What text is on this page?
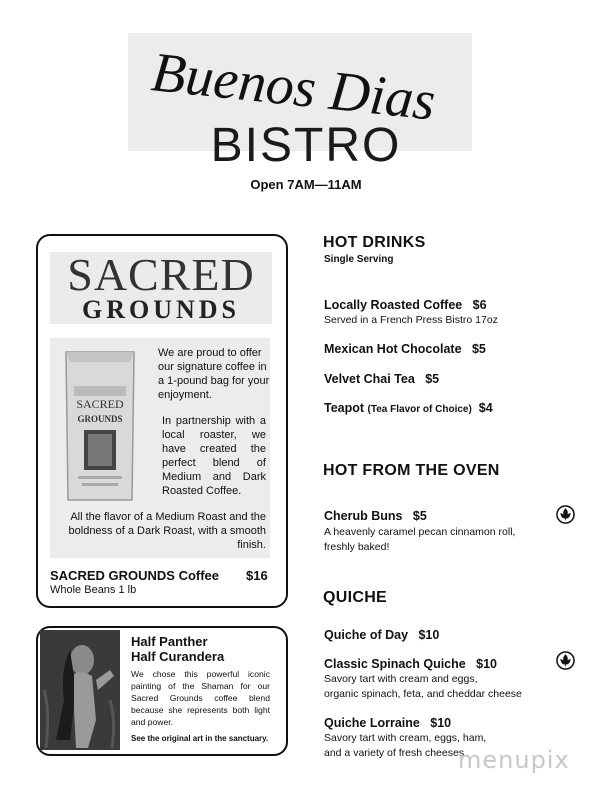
Buenos Dias
BISTRO
Open 7AM—11AM
SACRED
GROUNDS
SACRED
GROUNDS
We are proud to offer our signature coffee in a 1-pound bag for your enjoyment.
In partnership with a local roaster, we have created the perfect blend of Medium and Dark Roasted Coffee.
All the flavor of a Medium Roast and the boldness of a Dark Roast, with a smooth finish.
SACRED GROUNDS Coffee $16
Whole Beans 1 lb
Half Panther
Half Curandera
We chose this powerful iconic painting of the Shaman for our Sacred Grounds coffee blend because she represents both light and power.
See the original art in the sanctuary.
HOT DRINKS
Single Serving
Locally Roasted Coffee $6
Served in a French Press Bistro 17oz
Mexican Hot Chocolate $5
Velvet Chai Tea $5
Teapot (Tea Flavor of Choice) $4
HOT FROM THE OVEN
Cherub Buns $5
A heavenly caramel pecan cinnamon roll,
freshly baked!
QUICHE
Quiche of Day $10
Classic Spinach Quiche $10
Savory tart with cream and eggs,
organic spinach, feta, and cheddar cheese
Quiche Lorraine $10
Savory tart with cream, eggs, ham,
and a variety of fresh cheeses
menupix
